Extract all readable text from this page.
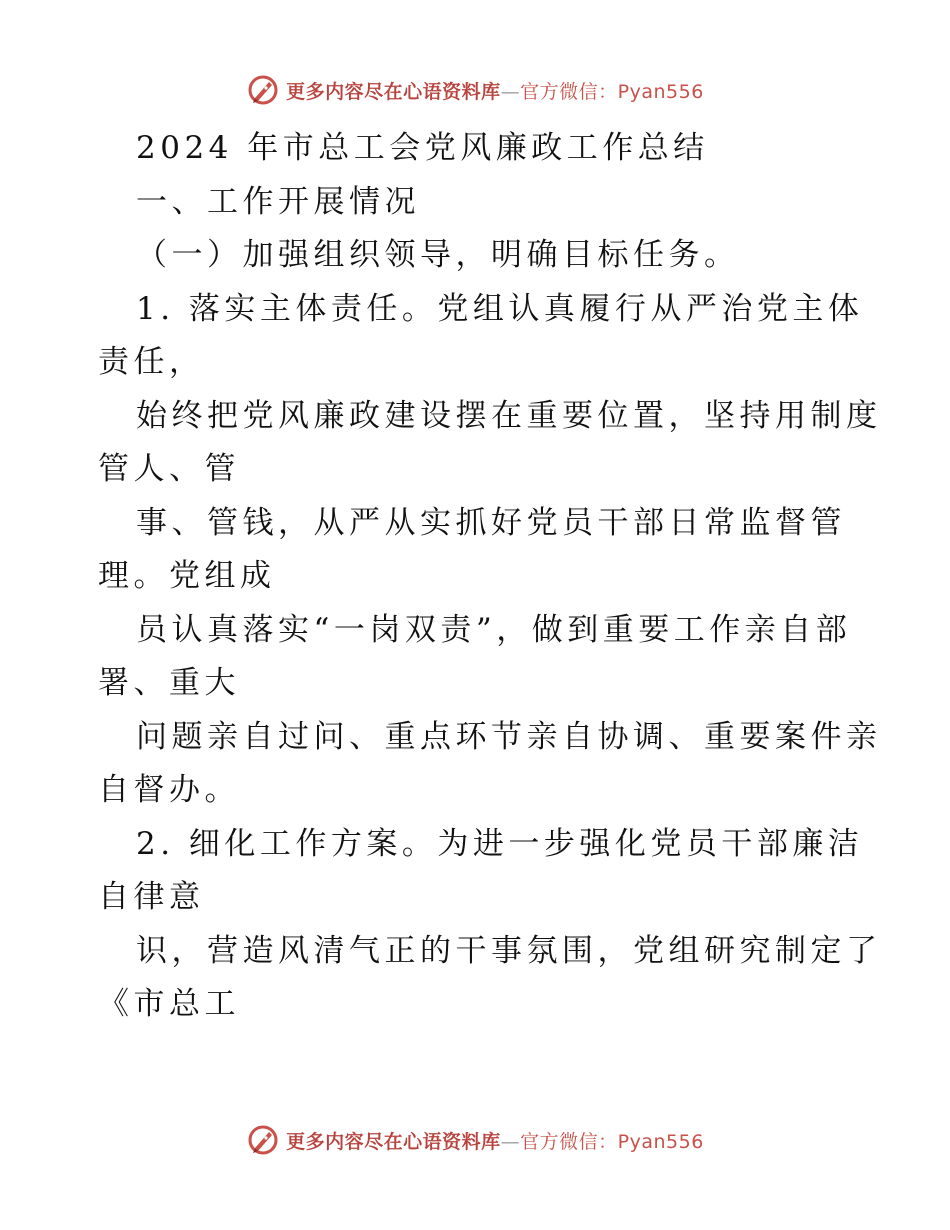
更多内容尽在心语资料库—官方微信：Pyan556
2024 年市总工会党风廉政工作总结
一、工作开展情况
（一）加强组织领导，明确目标任务。
1. 落实主体责任。党组认真履行从严治党主体
责任，
始终把党风廉政建设摆在重要位置，坚持用制度
管人、管
事、管钱，从严从实抓好党员干部日常监督管
理。党组成
员认真落实“一岗双责”，做到重要工作亲自部
署、重大
问题亲自过问、重点环节亲自协调、重要案件亲
自督办。
2. 细化工作方案。为进一步强化党员干部廉洁
自律意
识，营造风清气正的干事氛围，党组研究制定了
《市总工
更多内容尽在心语资料库—官方微信：Pyan556
